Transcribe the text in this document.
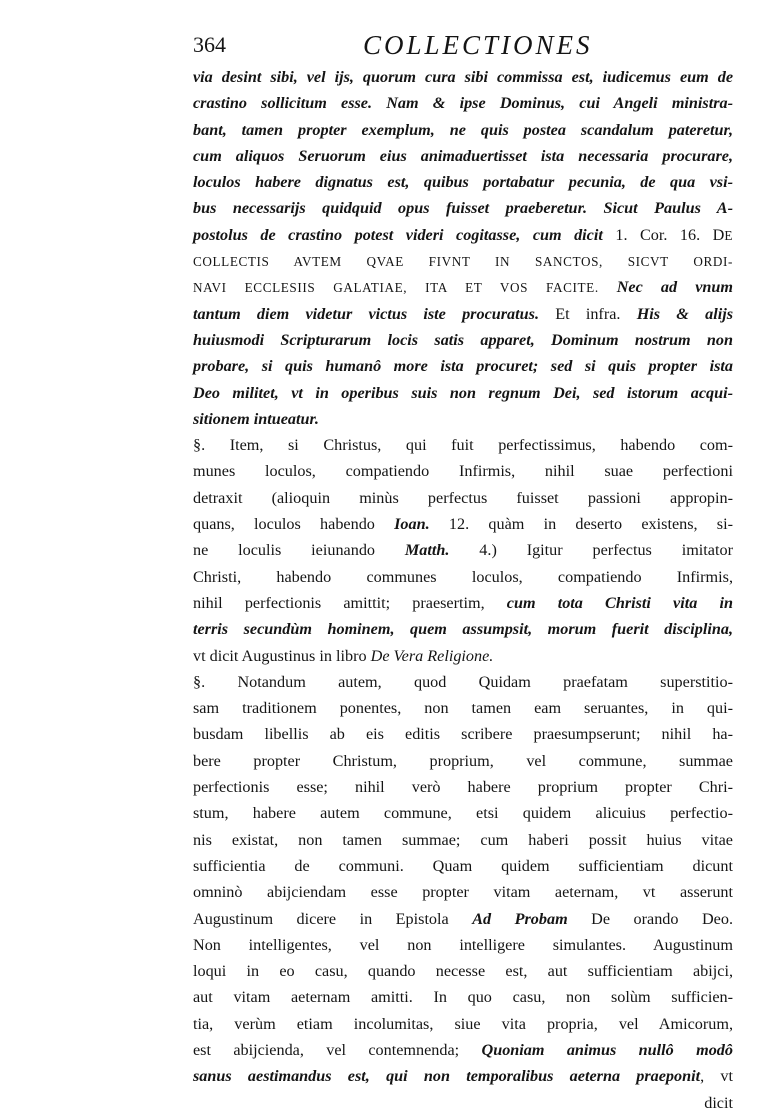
364	COLLECTIONES
via desint sibi, vel ijs, quorum cura sibi commissa est, iudicemus eum de
crastino sollicitum esse. Nam & ipse Dominus, cui Angeli ministra-
bant, tamen propter exemplum, ne quis postea scandalum pateretur,
cum aliquos Seruorum eius animaduertisset ista necessaria procurare,
loculos habere dignatus est, quibus portabatur pecunia, de qua vsi-
bus necessarijs quidquid opus fuisset praeberetur. Sicut Paulus A-
postolus de crastino potest videri cogitasse, cum dicit 1. Cor. 16. DE
COLLECTIS AVTEM QVAE FIVNT IN SANCTOS, SICVT ORDI-
NAVI ECCLESIIS GALATIAE, ITA ET VOS FACITE. Nec ad vnum
tantum diem videtur victus iste procuratus. Et infra. His & alijs
huiusmodi Scripturarum locis satis apparet, Dominum nostrum non
probare, si quis humanô more ista procuret; sed si quis propter ista
Deo militet, vt in operibus suis non regnum Dei, sed istorum acqui-
sitionem intueatur.
§. Item, si Christus, qui fuit perfectissimus, habendo com-
munes loculos, compatiendo Infirmis, nihil suae perfectioni
detraxit (alioquin minùs perfectus fuisset passioni appropin-
quans, loculos habendo Ioan. 12. quàm in deserto existens, si-
ne loculis ieiunando Matth. 4.) Igitur perfectus imitator
Christi, habendo communes loculos, compatiendo Infirmis,
nihil perfectionis amittit; praesertim, cum tota Christi vita in
terris secundùm hominem, quem assumpsit, morum fuerit disciplina,
vt dicit Augustinus in libro De Vera Religione.
§. Notandum autem, quod Quidam praefatam superstitio-
sam traditionem ponentes, non tamen eam seruantes, in qui-
busdam libellis ab eis editis scribere praesumpserunt; nihil ha-
bere propter Christum, proprium, vel commune, summae
perfectionis esse; nihil verò habere proprium propter Chri-
stum, habere autem commune, etsi quidem alicuius perfectio-
nis existat, non tamen summae; cum haberi possit huius vitae
sufficientia de communi. Quam quidem sufficientiam dicunt
omninò abijciendam esse propter vitam aeternam, vt asserunt
Augustinum dicere in Epistola Ad Probam De orando Deo.
Non intelligentes, vel non intelligere simulantes. Augustinum
loqui in eo casu, quando necesse est, aut sufficientiam abijci,
aut vitam aeternam amitti. In quo casu, non solùm sufficien-
tia, verùm etiam incolumitas, siue vita propria, vel Amicorum,
est abijcienda, vel contemnenda; Quoniam animus nullô modô
sanus aestimandus est, qui non temporalibus aeterna praeponit, vt
dicit
